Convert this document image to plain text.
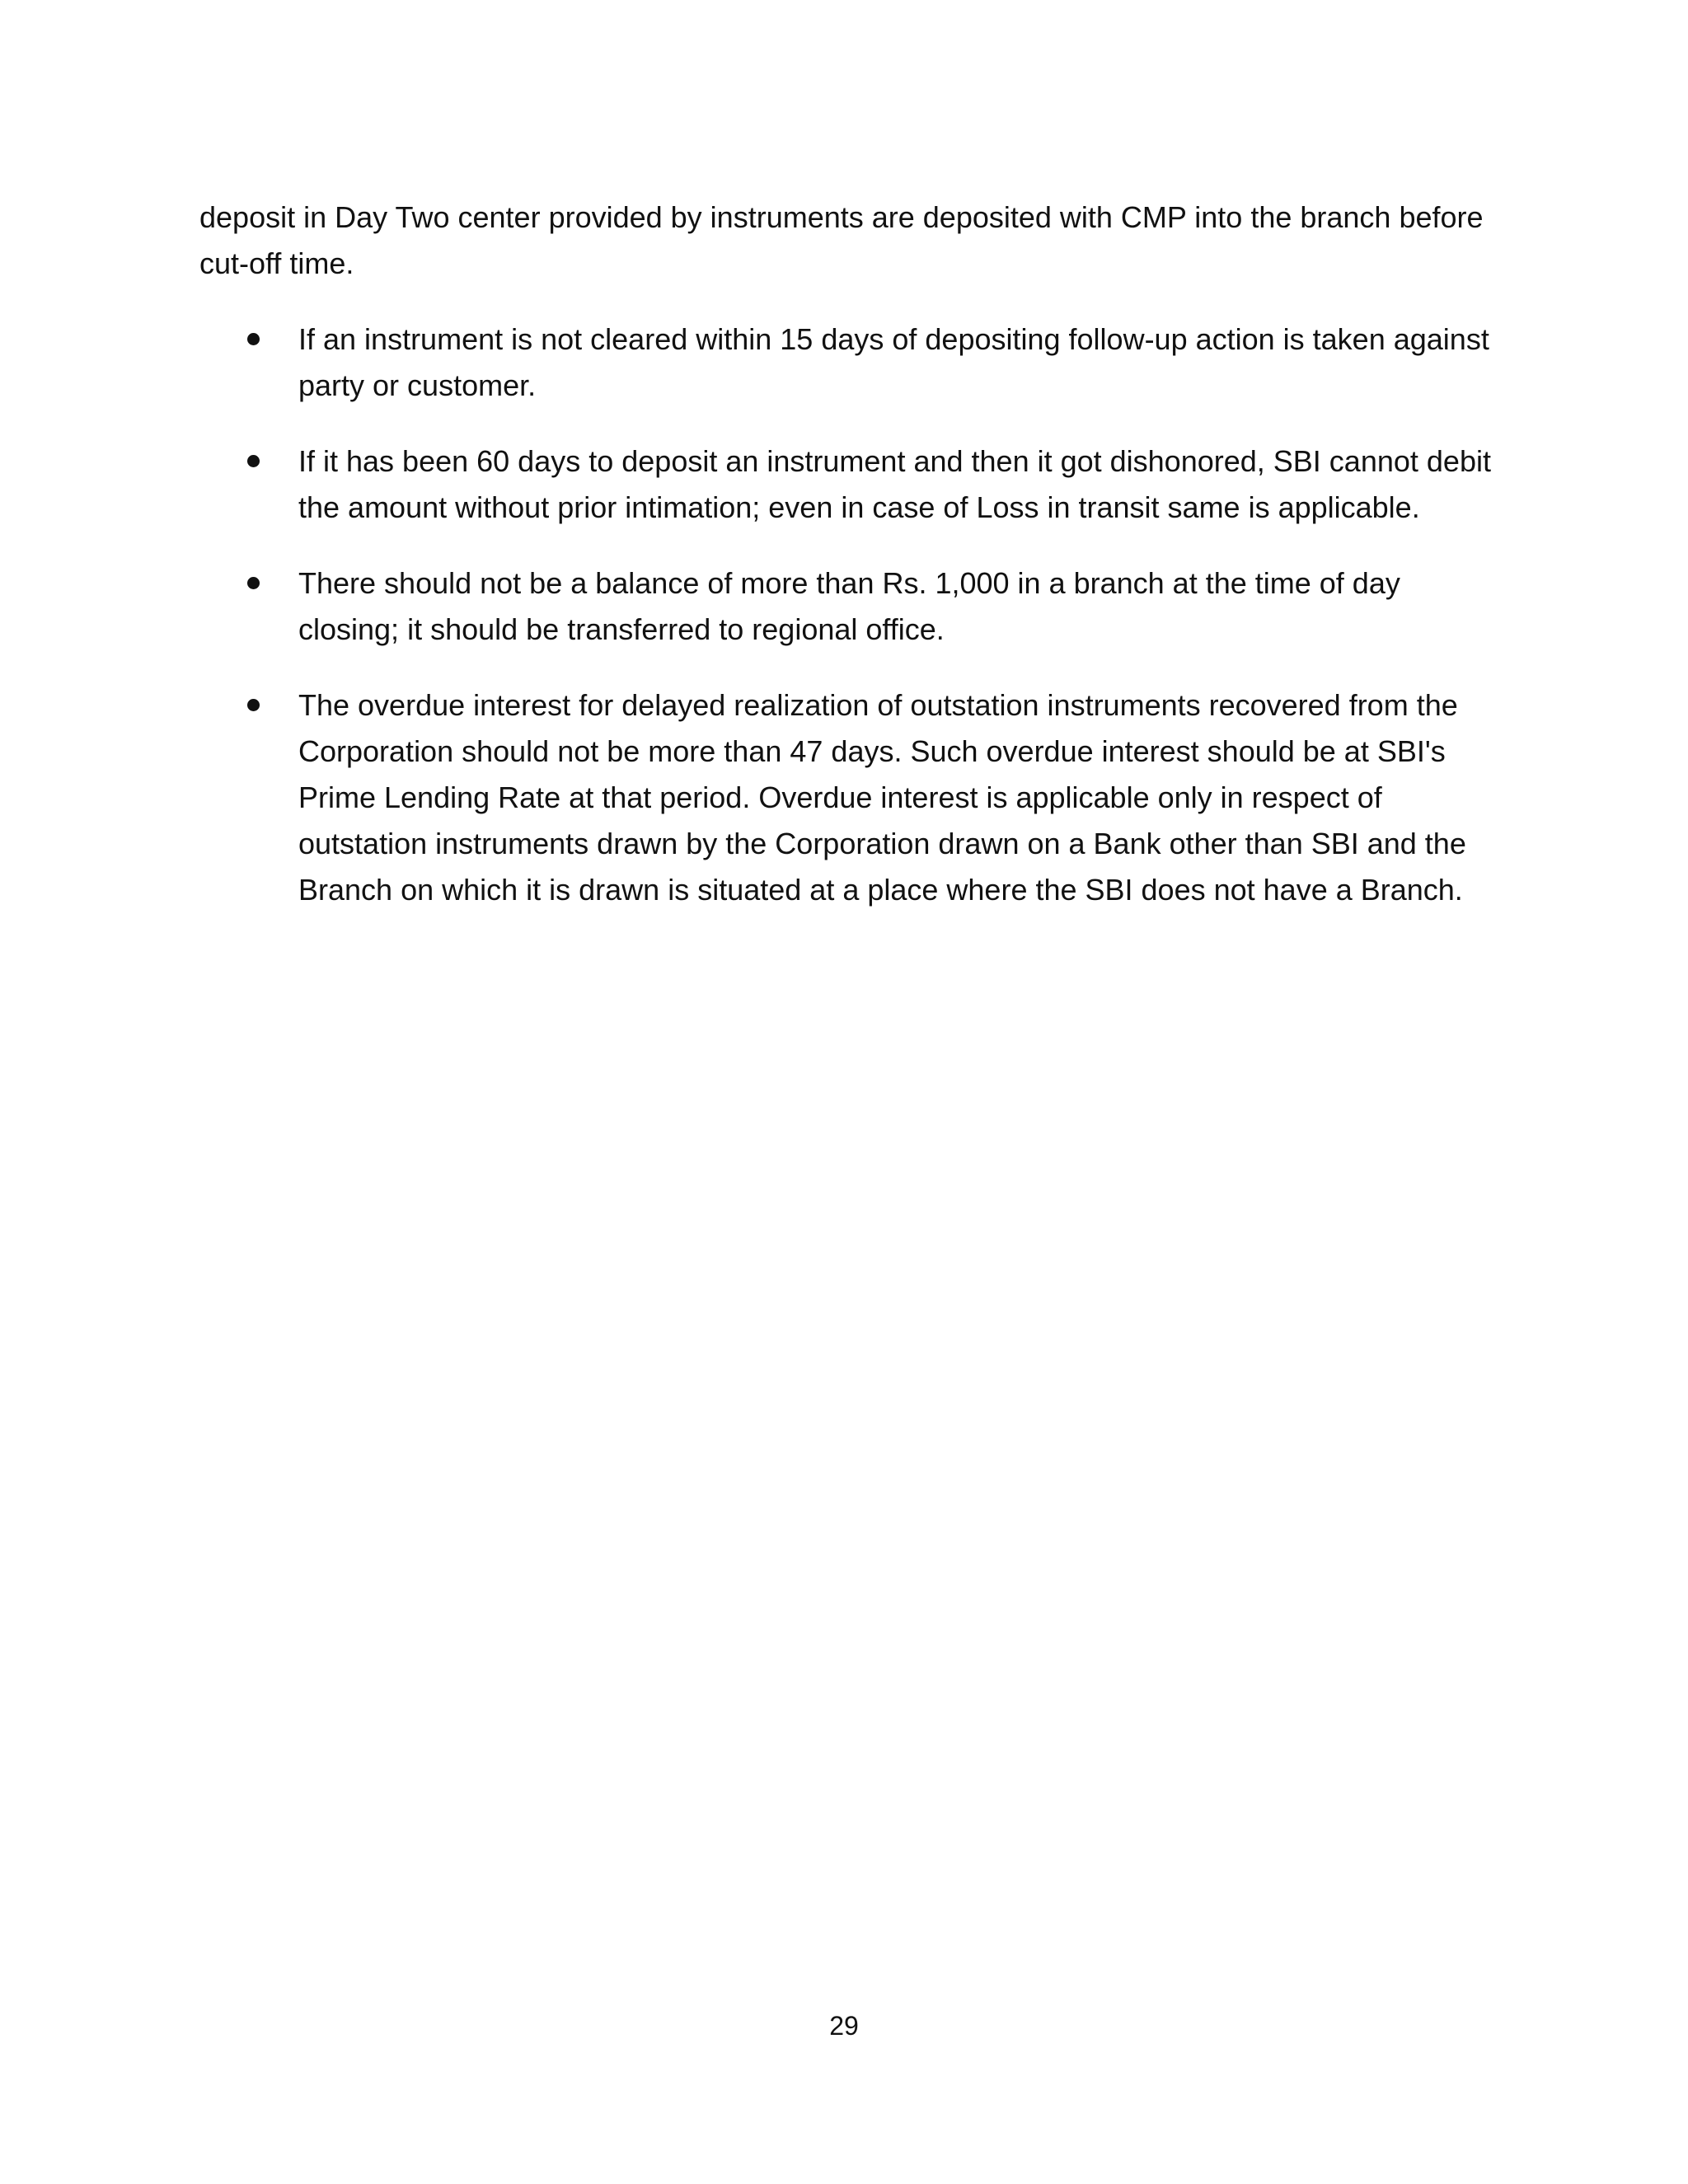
deposit in Day Two center provided by instruments are deposited with CMP into the branch before cut-off time.

If an instrument is not cleared within 15 days of depositing follow-up action is taken against party or customer.
If it has been 60 days to deposit an instrument and then it got dishonored, SBI cannot debit the amount without prior intimation; even in case of Loss in transit same is applicable.
There should not be a balance of more than Rs. 1,000 in a branch at the time of day closing; it should be transferred to regional office.
The overdue interest for delayed realization of outstation instruments recovered from the Corporation should not be more than 47 days. Such overdue interest should be at SBI's Prime Lending Rate at that period. Overdue interest is applicable only in respect of outstation instruments drawn by the Corporation drawn on a Bank other than SBI and the Branch on which it is drawn is situated at a place where the SBI does not have a Branch.
29
